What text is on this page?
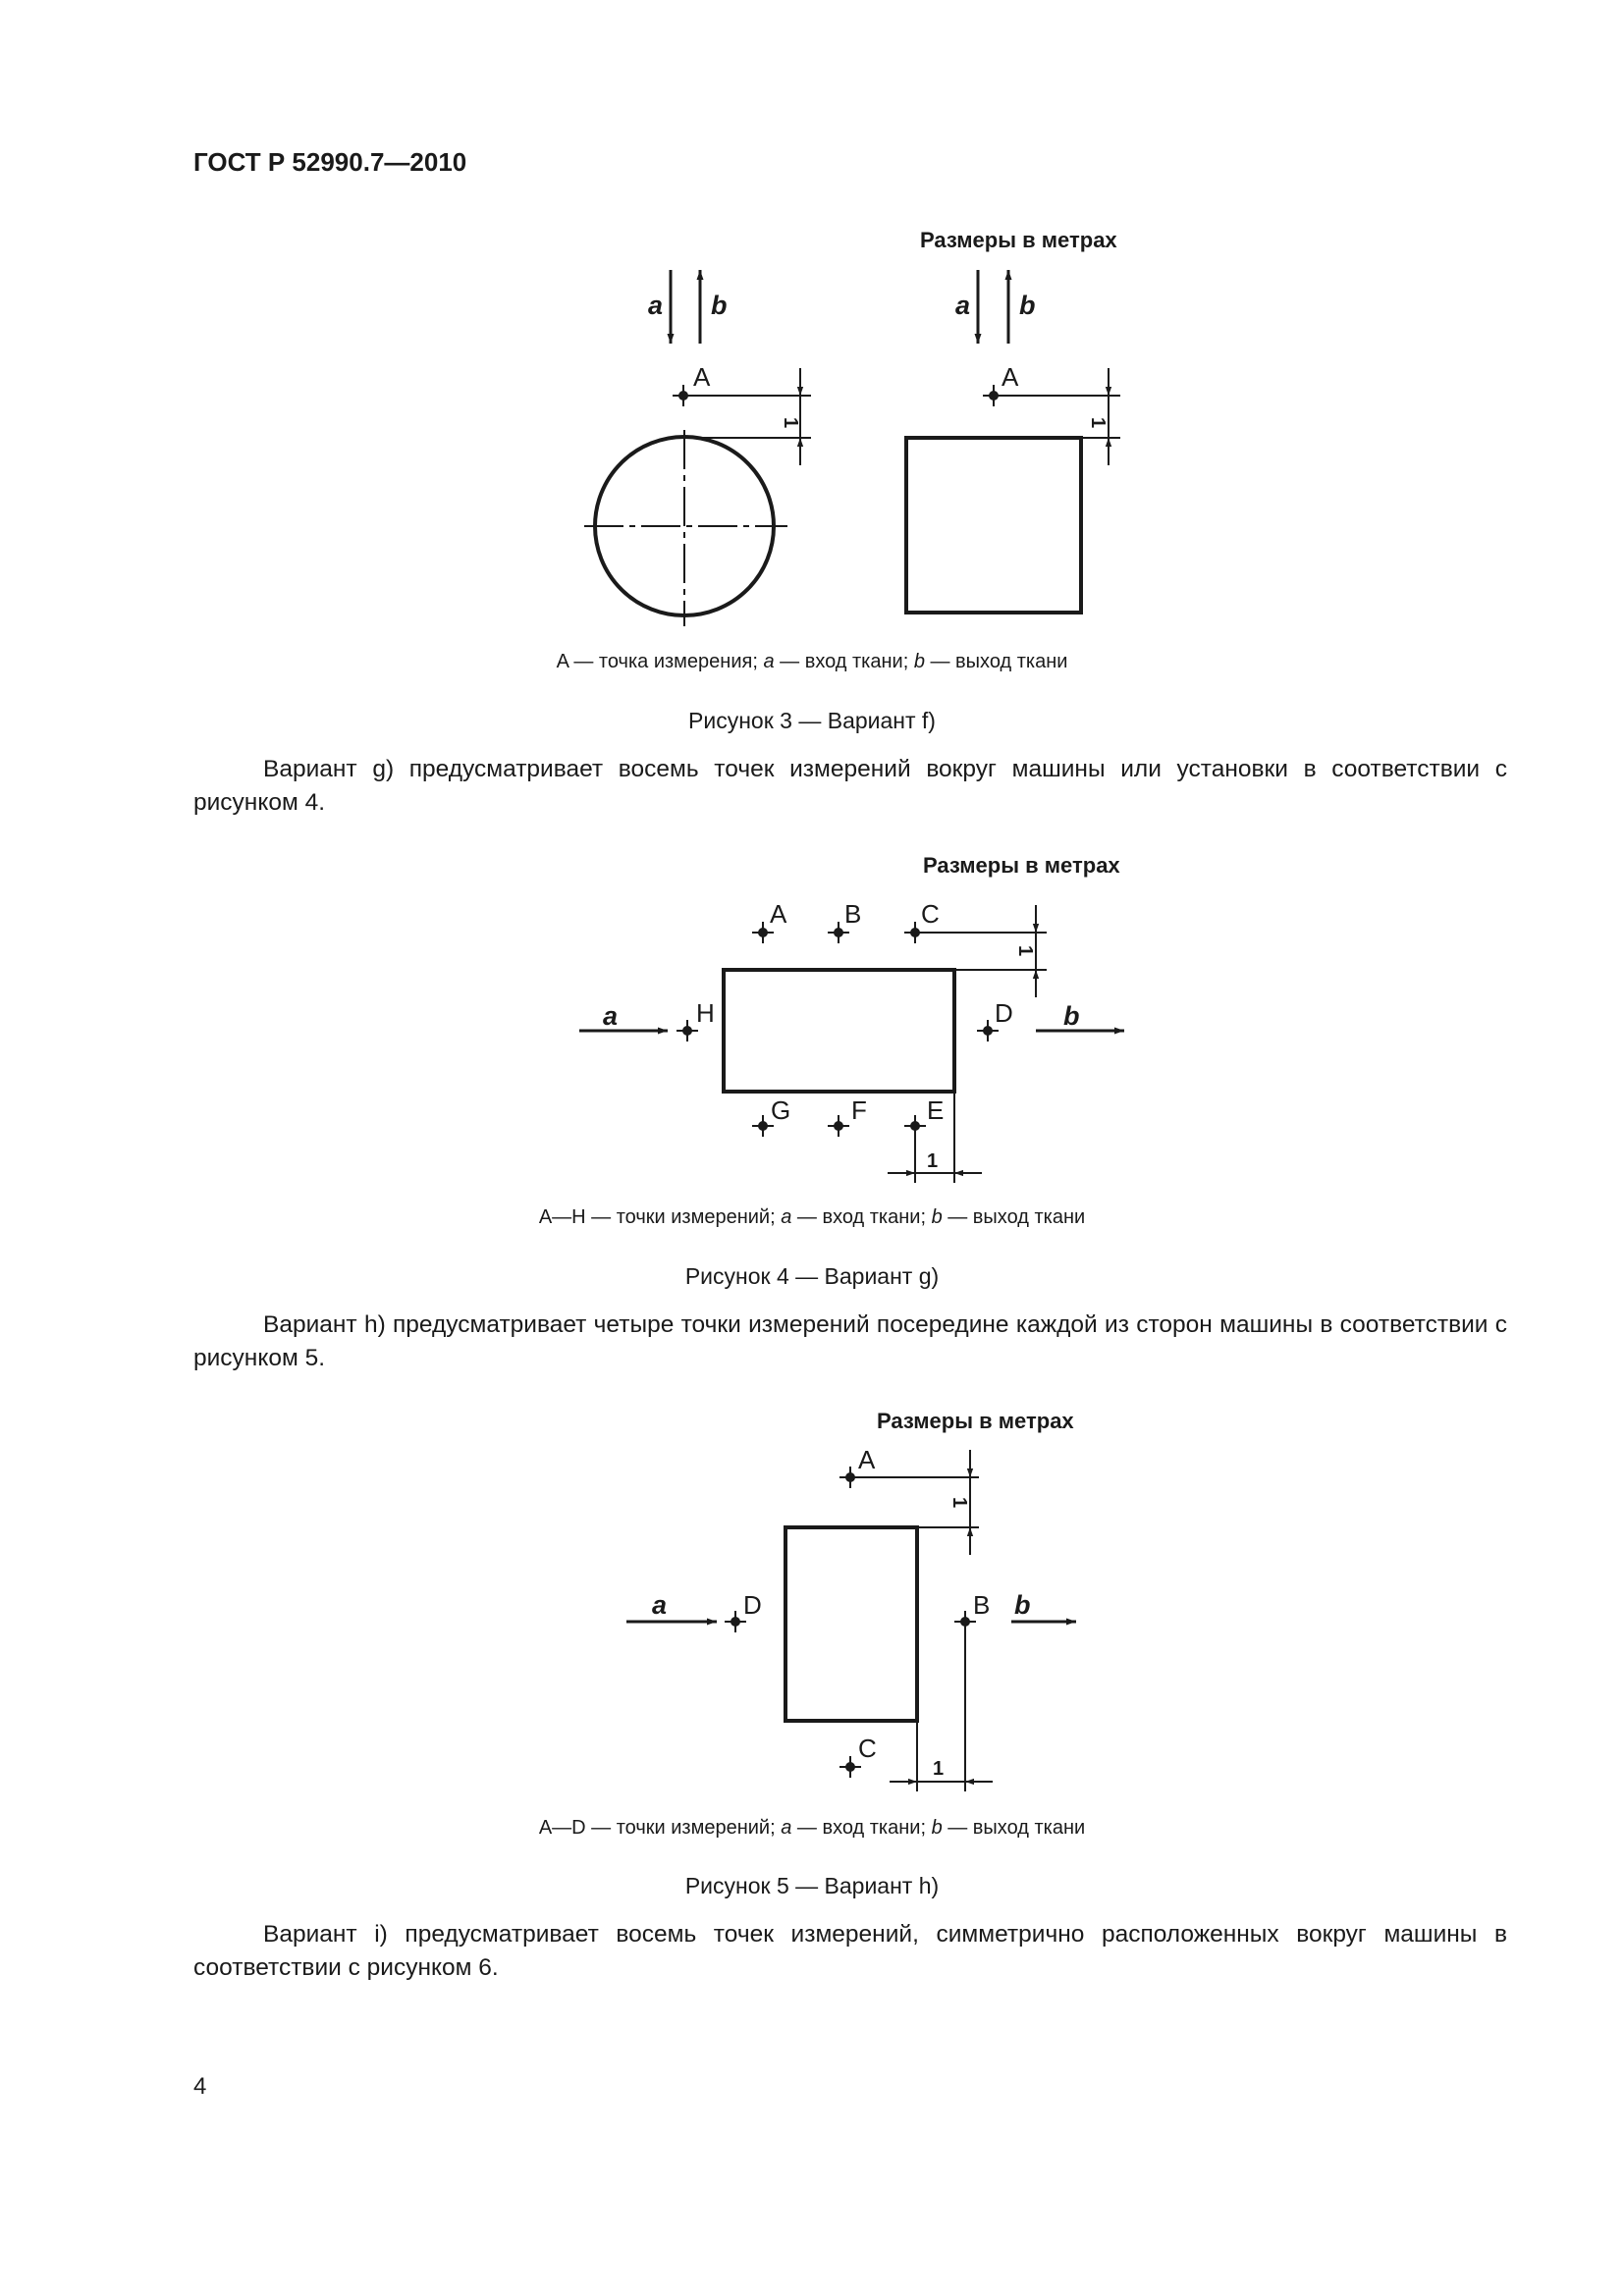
ГОСТ Р 52990.7—2010
Размеры в метрах
a b
A
1
a b
A
1
A — точка измерения; a — вход ткани; b — выход ткани
Рисунок 3 — Вариант f)
Вариант g) предусматривает восемь точек измерений вокруг машины или установки в соответствии с рисунком 4.
Размеры в метрах
A B C
D
E
F
G
H
a	b
1
1
A—H — точки измерений; a — вход ткани; b — выход ткани
Рисунок 4 — Вариант g)
Вариант h) предусматривает четыре точки измерений посередине каждой из сторон машины в соответствии с рисунком 5.
Размеры в метрах
A
B
C
D
a	b
1
1
A—D — точки измерений; a — вход ткани; b — выход ткани
Рисунок 5 — Вариант h)
Вариант i) предусматривает восемь точек измерений, симметрично расположенных вокруг машины в соответствии с рисунком 6.
4
